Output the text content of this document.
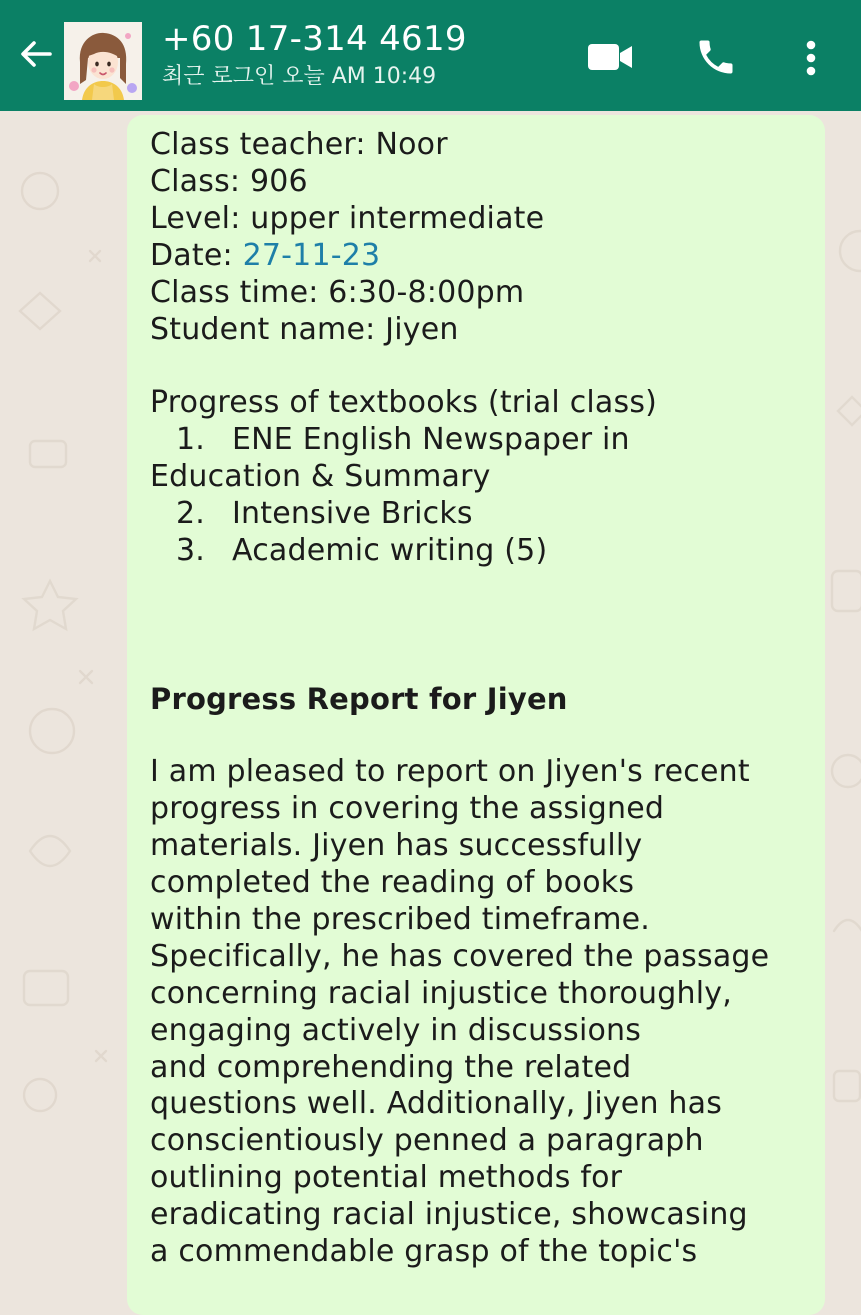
+60 17-314 4619
최근 로그인 오늘 AM 10:49
Class teacher: Noor
Class: 906
Level: upper intermediate
Date: 27-11-23
Class time: 6:30-8:00pm
Student name: Jiyen
Progress of textbooks (trial class)
1. ENE English Newspaper in
Education & Summary
2. Intensive Bricks
3. Academic writing (5)
Progress Report for Jiyen
I am pleased to report on Jiyen's recent
progress in covering the assigned
materials. Jiyen has successfully
completed the reading of books
within the prescribed timeframe.
Specifically, he has covered the passage
concerning racial injustice thoroughly,
engaging actively in discussions
and comprehending the related
questions well. Additionally, Jiyen has
conscientiously penned a paragraph
outlining potential methods for
eradicating racial injustice, showcasing
a commendable grasp of the topic's
